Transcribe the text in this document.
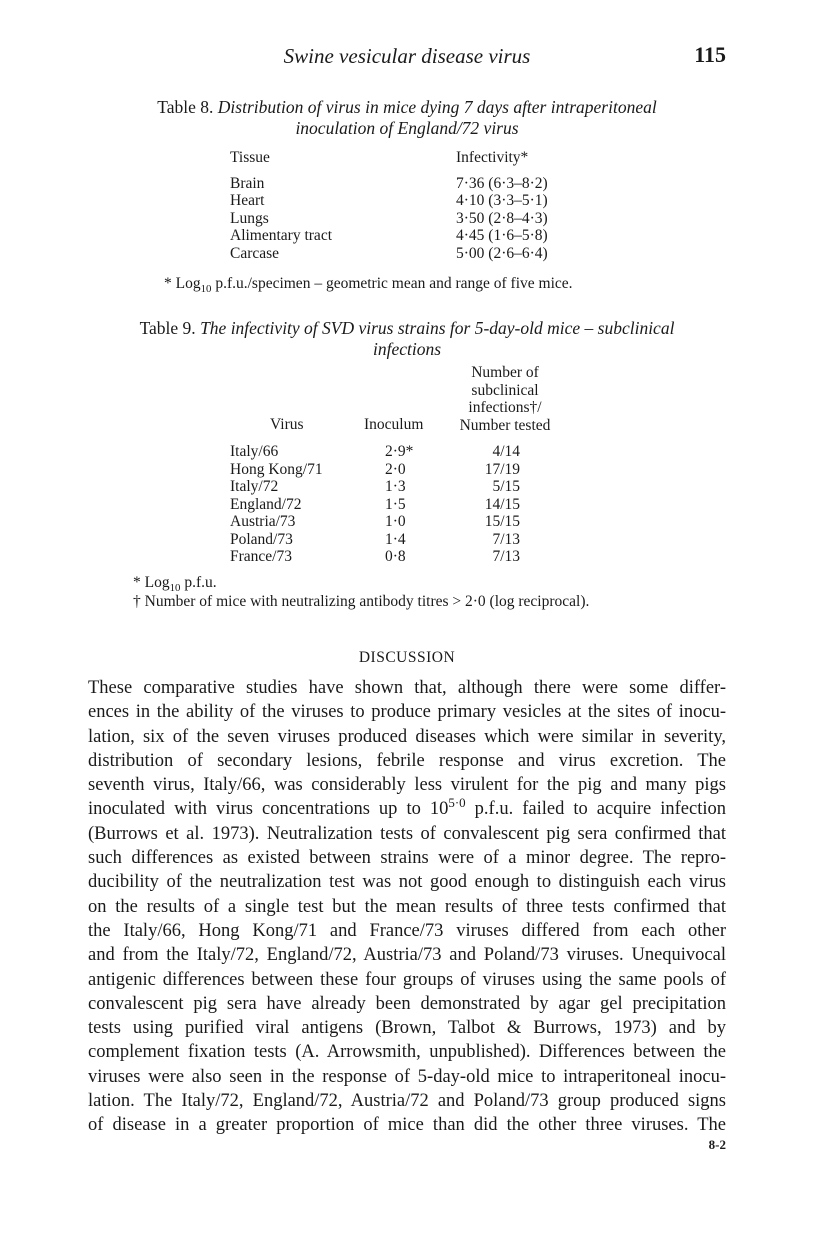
Swine vesicular disease virus	115
Table 8. Distribution of virus in mice dying 7 days after intraperitoneal
inoculation of England/72 virus
Tissue	Infectivity*
Brain	7·36 (6·3–8·2)
Heart	4·10 (3·3–5·1)
Lungs	3·50 (2·8–4·3)
Alimentary tract	4·45 (1·6–5·8)
Carcase	5·00 (2·6–6·4)
* Log$_{10}$ p.f.u./specimen – geometric mean and range of five mice.
Table 9. The infectivity of SVD virus strains for 5-day-old mice – subclinical
infections
Virus	Inoculum
Number of
subclinical
infections†/
Number tested
Italy/66	2·9*	4/14
Hong Kong/71	2·0	17/19
Italy/72	1·3	5/15
England/72	1·5	14/15
Austria/73	1·0	15/15
Poland/73	1·4	7/13
France/73	0·8	7/13
* Log$_{10}$ p.f.u.
† Number of mice with neutralizing antibody titres > 2·0 (log reciprocal).
DISCUSSION
These comparative studies have shown that, although there were some differ-
ences in the ability of the viruses to produce primary vesicles at the sites of inocu-
lation, six of the seven viruses produced diseases which were similar in severity,
distribution of secondary lesions, febrile response and virus excretion. The
seventh virus, Italy/66, was considerably less virulent for the pig and many pigs
inoculated with virus concentrations up to $10^{5\cdot 0}$ p.f.u. failed to acquire infection
(Burrows et al. 1973). Neutralization tests of convalescent pig sera confirmed that
such differences as existed between strains were of a minor degree. The repro-
ducibility of the neutralization test was not good enough to distinguish each virus
on the results of a single test but the mean results of three tests confirmed that
the Italy/66, Hong Kong/71 and France/73 viruses differed from each other
and from the Italy/72, England/72, Austria/73 and Poland/73 viruses. Unequivocal
antigenic differences between these four groups of viruses using the same pools of
convalescent pig sera have already been demonstrated by agar gel precipitation
tests using purified viral antigens (Brown, Talbot & Burrows, 1973) and by
complement fixation tests (A. Arrowsmith, unpublished). Differences between the
viruses were also seen in the response of 5-day-old mice to intraperitoneal inocu-
lation. The Italy/72, England/72, Austria/72 and Poland/73 group produced signs
of disease in a greater proportion of mice than did the other three viruses. The
8-2
